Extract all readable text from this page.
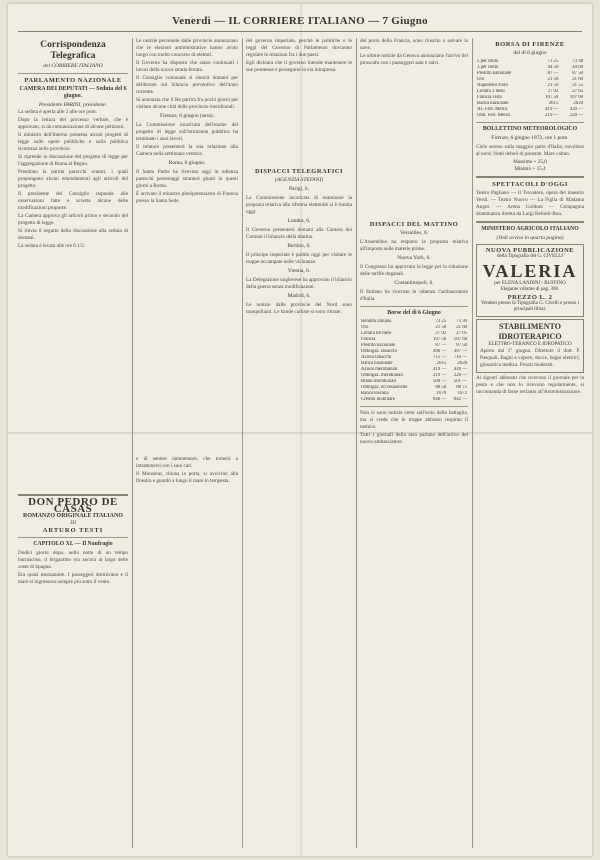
Venerdì — IL CORRIERE ITALIANO — 7 Giugno
Corrispondenza Telegrafica
del CORRIERE ITALIANO
PARLAMENTO NAZIONALE
CAMERA DEI DEPUTATI — Seduta del 6 giugno.
Presidente FARINI, presidente.

La seduta è aperta alle 2 alle ore pom.

Dopo la lettura del processo verbale, che è approvato, si dà comunicazione di alcune petizioni.

Il ministro dell'Interno presenta alcuni progetti di legge sulle opere pubbliche e sulla pubblica sicurezza nelle provincie.

Si riprende la discussione del progetto di legge per l'aggregazione di Roma al Regno.

Prendono la parola parecchi oratori, i quali propongono alcuni emendamenti agli articoli del progetto.

Il presidente del Consiglio risponde alle osservazioni fatte e accetta alcune delle modificazioni proposte.

La Camera approva gli articoli primo e secondo del progetto di legge.

Si rinvia il seguito della discussione alla seduta di domani.

La seduta è levata alle ore 6 1/2.

DON PEDRO DE CASAS
ROMANZO ORIGINALE ITALIANO
DI
ARTURO TESTI
CAPITOLO XI. — Il Naufragio

Dodici giorni dopo, nella notte di un tempo burrascoso, il brigantino era ancora al largo delle coste di Spagna.

Era quasi mezzanotte. I passeggeri dormivano e il mare si ingrossava sempre più sotto il vento.

Le notizie pervenute dalle provincie annunziano che le elezioni amministrative hanno avuto luogo con molto concorso di elettori.

Il Governo ha disposto che siano continuati i lavori della nuova strada ferrata.

Il Consiglio comunale si riunirà domani per deliberare sul bilancio preventivo dell'anno corrente.

Si annunzia che il Re partirà fra pochi giorni per visitare alcune città delle provincie meridionali.

Firenze, 6 giugno (sera).

La Commissione incaricata dell'esame del progetto di legge sull'istruzione pubblica ha terminato i suoi lavori.

Il relatore presenterà la sua relazione alla Camera nella settimana ventura.

Roma, 6 giugno.

Il Santo Padre ha ricevuto oggi in udienza parecchi personaggi stranieri giunti in questi giorni a Roma.

È arrivato il ministro plenipotenziario di Francia presso la Santa Sede.

e di sentire rammentare, che tornerà a intrattenersi con i suoi cari.

Il Monsieur, chiusa la porta, si avvicinò alla finestra e guardò a lungo il mare in tempesta.

del governo imperiale, perchè le politiche e le leggi del Governo di Parlamento dovranno regolare le relazioni fra i due paesi.

Egli dichiara che il governo intende mantenere le sue promesse e proseguire la via intrapresa.

DISPACCI TELEGRAFICI
(AGENZIA STEFANI)
Parigi, 6.

La Commissione incaricata di esaminare la proposta relativa alla riforma elettorale si è riunita oggi.

Londra, 6.

Il Governo presenterà domani alla Camera dei Comuni il bilancio della marina.

Berlino, 6.

Il principe imperiale è partito oggi per visitare le truppe accampate nelle vicinanze.

Vienna, 6.

La Delegazione ungherese ha approvato il bilancio della guerra senza modificazioni.

Madrid, 6.

Le notizie dalle provincie del Nord sono tranquillanti. Le bande carliste si sono ritirate.

del porto della Francia, sono riuscito a salvare la nave.

Le ultime notizie da Genova annunziano l'arrivo del piroscafo con i passeggeri sani e salvi.

DISPACCI DEL MATTINO
Versailles, 6.

L'Assemblea ha respinto la proposta relativa all'imposta sulle materie prime.

Nuova York, 6.

Il Congresso ha approvato la legge per la riduzione delle tariffe doganali.

Costantinopoli, 6.

Il Sultano ha ricevuto in udienza l'ambasciatore d'Italia.

Borse del dì 6 Giugno
Rendita italiana	73 25	73 30
Oro	21 58	21 60
Londra tre mesi	27 02	27 05
Francia	107 50	107 60
Prestito nazionale	87 —	87 50
Obbligaz. tabacchi	496 —	497 —
Azioni tabacchi	715 —	716 —
Banca nazionale	2615	2620
Azioni meridionali	419 —	420 —
Obbligaz. meridionali	219 —	220 —
Buoni meridionali	500 —	501 —
Obbligaz. ecclesiastiche	88 50	88 75
Banca toscana	1670	1672
Credito mobiliare	840 —	842 —

Non ci sono notizie certe sull'esito della battaglia, ma si crede che le truppe abbiano respinto il nemico.

Tutti i giornali della sera parlano dell'arrivo del nuovo ambasciatore.

BORSA DI FIRENZE
del dì 6 giugno
5 per cento	73 25	73 30
3 per cento	44 50	44 60
Prestito nazionale	87 —	87 50
Oro	21 58	21 60
Napoleoni d'oro	21 50	21 55
Londra 3 mesi	27 02	27 05
Francia vista	107 50	107 60
Banca nazionale	2615	2620
Az. Ferr. Merid.	419 —	420 —
Obb. Ferr. Merid.	219 —	220 —
BOLLETTINO METEOROLOGICO
Firenze, 6 giugno 1872, ore 1 pom.

Cielo sereno sulla maggior parte d'Italia; nuvoloso al nord. Venti deboli di ponente. Mare calmo.

Massimo + 25,0
Minimo + 15,4
SPETTACOLI D'OGGI

Teatro Pagliano — Il Trovatore, opera del maestro Verdi. — Teatro Nuovo — La Figlia di Madama Angot. — Arena Goldoni — Compagnia drammatica diretta da Luigi Bellotti-Bon.

MINISTERO AGRICOLO ITALIANO
(Vedi avviso in quarta pagina)
NUOVA PUBBLICAZIONE
della Tipografia del G. CIVELLI
VALERIA
per ELENA LANDINI - RUFFINO
Elegante volume di pag. 300.
PREZZO L. 2
Vendesi presso la Tipografia G. Civelli e presso i principali librai.
STABILIMENTO IDROTERAPICO
ELETTRO-TERAPICO E IDROPATICO

Aperto dal 1° giugno. Direttore il dott. P. Pasquali. Bagni a vapore, docce, bagni elettrici, ginnastica medica. Prezzi moderati.

Ai signori abbonati che ricevono il giornale per la posta e che non lo ricevono regolarmente, si raccomanda di farne reclamo all'Amministrazione.
